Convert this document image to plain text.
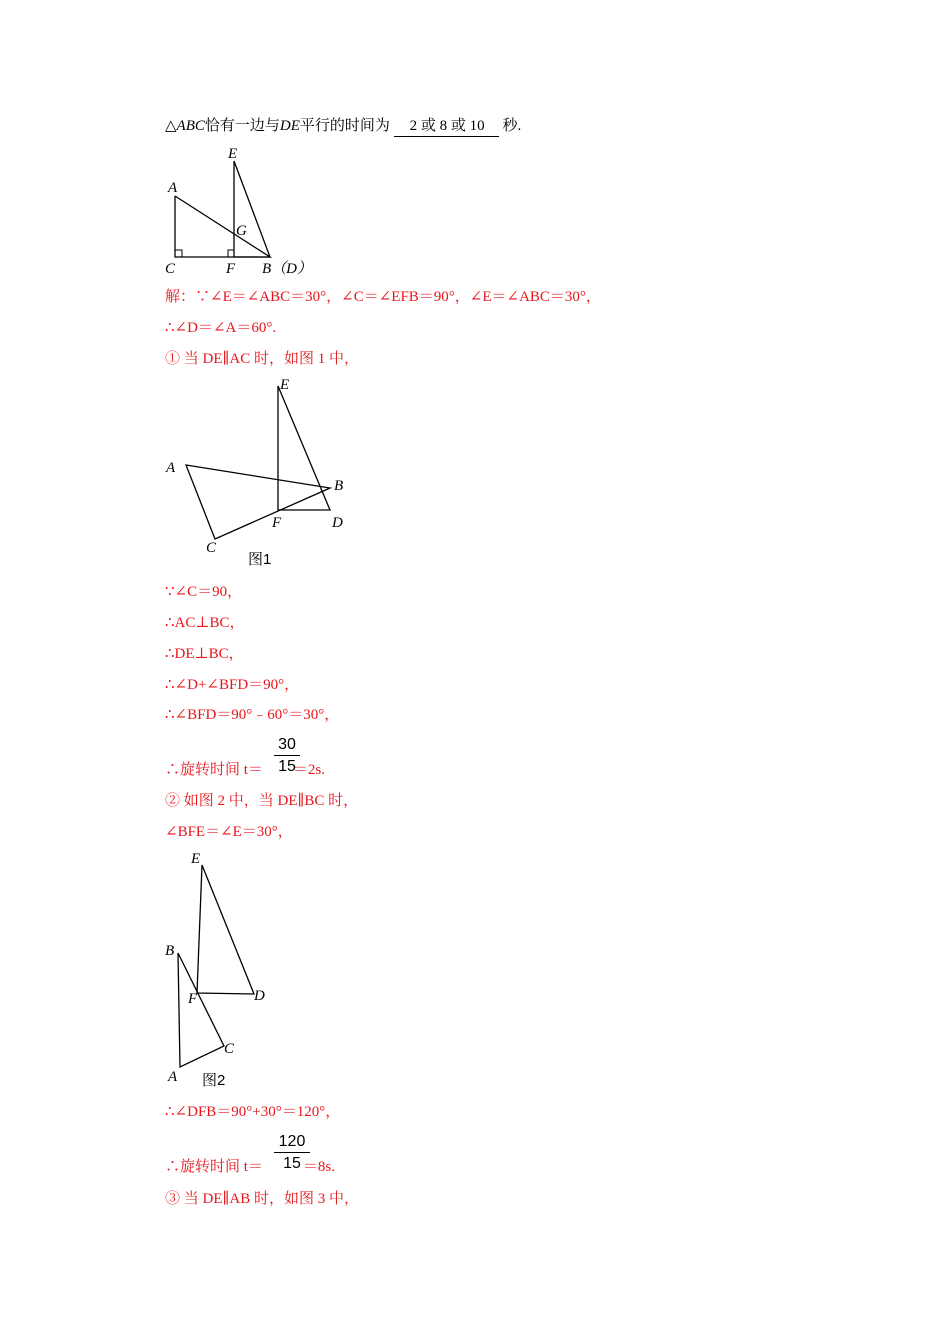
△ABC恰有一边与DE平行的时间为 2 或 8 或 10 秒.
E
A
G
C	F B（D）
解：∵∠E＝∠ABC＝30°，∠C＝∠EFB＝90°，∠E＝∠ABC＝30°，
∴∠D＝∠A＝60°.
① 当 DE∥AC 时，如图 1 中，
E
A
B
F	D
C
图1
∵∠C＝90，
∴AC⊥BC，
∴DE⊥BC，
∴∠D+∠BFD＝90°，
∴∠BFD＝90°﹣60°＝30°，
∴旋转时间 t＝ ＝2s.
30
15
② 如图 2 中，当 DE∥BC 时，
∠BFE＝∠E＝30°，
E
B
F	D
C
A 图2
∴∠DFB＝90°+30°＝120°，
∴旋转时间 t＝	＝8s.
120
15
③ 当 DE∥AB 时，如图 3 中，
